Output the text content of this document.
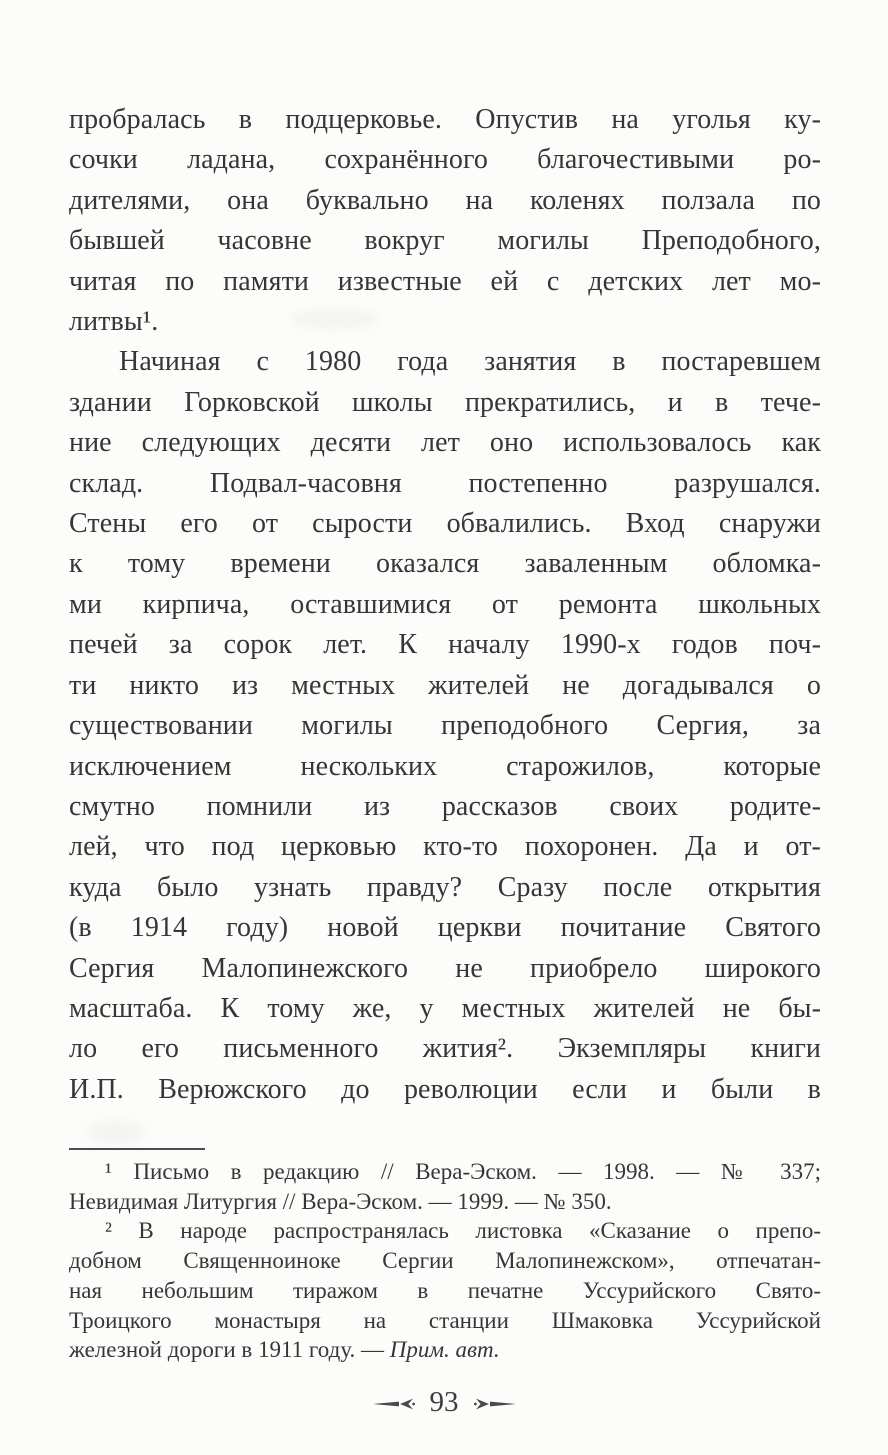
пробралась в подцерковье. Опустив на уголья ку-
сочки ладана, сохранённого благочестивыми ро-
дителями, она буквально на коленях ползала по
бывшей часовне вокруг могилы Преподобного,
читая по памяти известные ей с детских лет мо-
литвы¹.
Начиная с 1980 года занятия в постаревшем
здании Горковской школы прекратились, и в тече-
ние следующих десяти лет оно использовалось как
склад. Подвал-часовня постепенно разрушался.
Стены его от сырости обвалились. Вход снаружи
к тому времени оказался заваленным обломка-
ми кирпича, оставшимися от ремонта школьных
печей за сорок лет. К началу 1990-х годов поч-
ти никто из местных жителей не догадывался о
существовании могилы преподобного Сергия, за
исключением нескольких старожилов, которые
смутно помнили из рассказов своих родите-
лей, что под церковью кто-то похоронен. Да и от-
куда было узнать правду? Сразу после открытия
(в 1914 году) новой церкви почитание Святого
Сергия Малопинежского не приобрело широкого
масштаба. К тому же, у местных жителей не бы-
ло его письменного жития². Экземпляры книги
И.П. Верюжского до революции если и были в
¹ Письмо в редакцию // Вера-Эском. — 1998. — № 337;
Невидимая Литургия // Вера-Эском. — 1999. — № 350.
² В народе распространялась листовка «Сказание о препо-
добном Священноиноке Сергии Малопинежском», отпечатан-
ная небольшим тиражом в печатне Уссурийского Свято-
Троицкого монастыря на станции Шмаковка Уссурийской
железной дороги в 1911 году. — Прим. авт.
93
